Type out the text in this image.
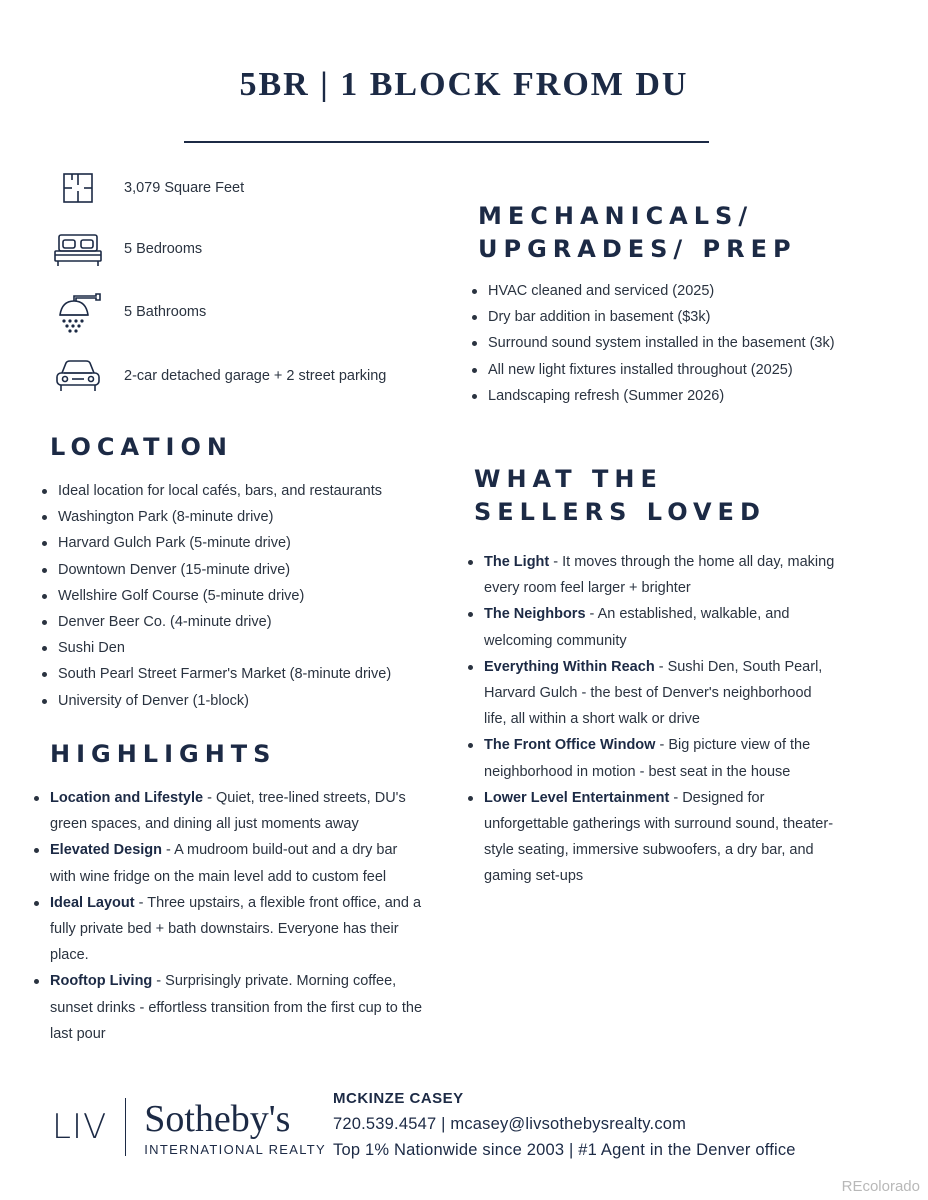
5BR | 1 BLOCK FROM DU
3,079 Square Feet
5 Bedrooms
5 Bathrooms
2-car detached garage + 2 street parking
LOCATION
Ideal location for local cafés, bars, and restaurants
Washington Park (8-minute drive)
Harvard Gulch Park (5-minute drive)
Downtown Denver (15-minute drive)
Wellshire Golf Course (5-minute drive)
Denver Beer Co. (4-minute drive)
Sushi Den
South Pearl Street Farmer's Market (8-minute drive)
University of Denver (1-block)
HIGHLIGHTS
Location and Lifestyle - Quiet, tree-lined streets, DU's green spaces, and dining all just moments away
Elevated Design - A mudroom build-out and a dry bar with wine fridge on the main level add to custom feel
Ideal Layout - Three upstairs, a flexible front office, and a fully private bed + bath downstairs. Everyone has their place.
Rooftop Living - Surprisingly private. Morning coffee, sunset drinks - effortless transition from the first cup to the last pour
MECHANICALS/
UPGRADES/ PREP
HVAC cleaned and serviced (2025)
Dry bar addition in basement ($3k)
Surround sound system installed in the basement (3k)
All new light fixtures installed throughout (2025)
Landscaping refresh (Summer 2026)
WHAT THE
SELLERS LOVED
The Light - It moves through the home all day, making every room feel larger + brighter
The Neighbors - An established, walkable, and welcoming community
Everything Within Reach - Sushi Den, South Pearl, Harvard Gulch - the best of Denver's neighborhood life, all within a short walk or drive
The Front Office Window - Big picture view of the neighborhood in motion - best seat in the house
Lower Level Entertainment - Designed for unforgettable gatherings with surround sound, theater-style seating, immersive subwoofers, a dry bar, and gaming set-ups
LIV Sotheby's
INTERNATIONAL REALTY
MCKINZE CASEY
720.539.4547 | mcasey@livsothebysrealty.com
Top 1% Nationwide since 2003 | #1 Agent in the Denver office
REcolorado
